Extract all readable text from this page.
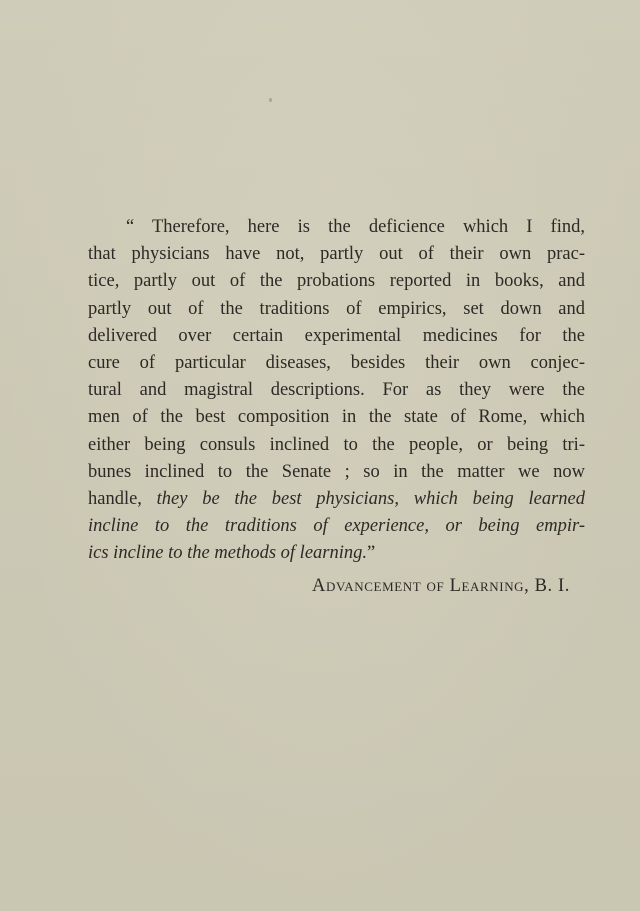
“ Therefore, here is the deficience which I find,
that physicians have not, partly out of their own prac-
tice, partly out of the probations reported in books, and
partly out of the traditions of empirics, set down and
delivered over certain experimental medicines for the
cure of particular diseases, besides their own conjec-
tural and magistral descriptions. For as they were the
men of the best composition in the state of Rome, which
either being consuls inclined to the people, or being tri-
bunes inclined to the Senate ; so in the matter we now
handle, they be the best physicians, which being learned
incline to the traditions of experience, or being empir-
ics incline to the methods of learning.”
Advancement of Learning, B. I.
